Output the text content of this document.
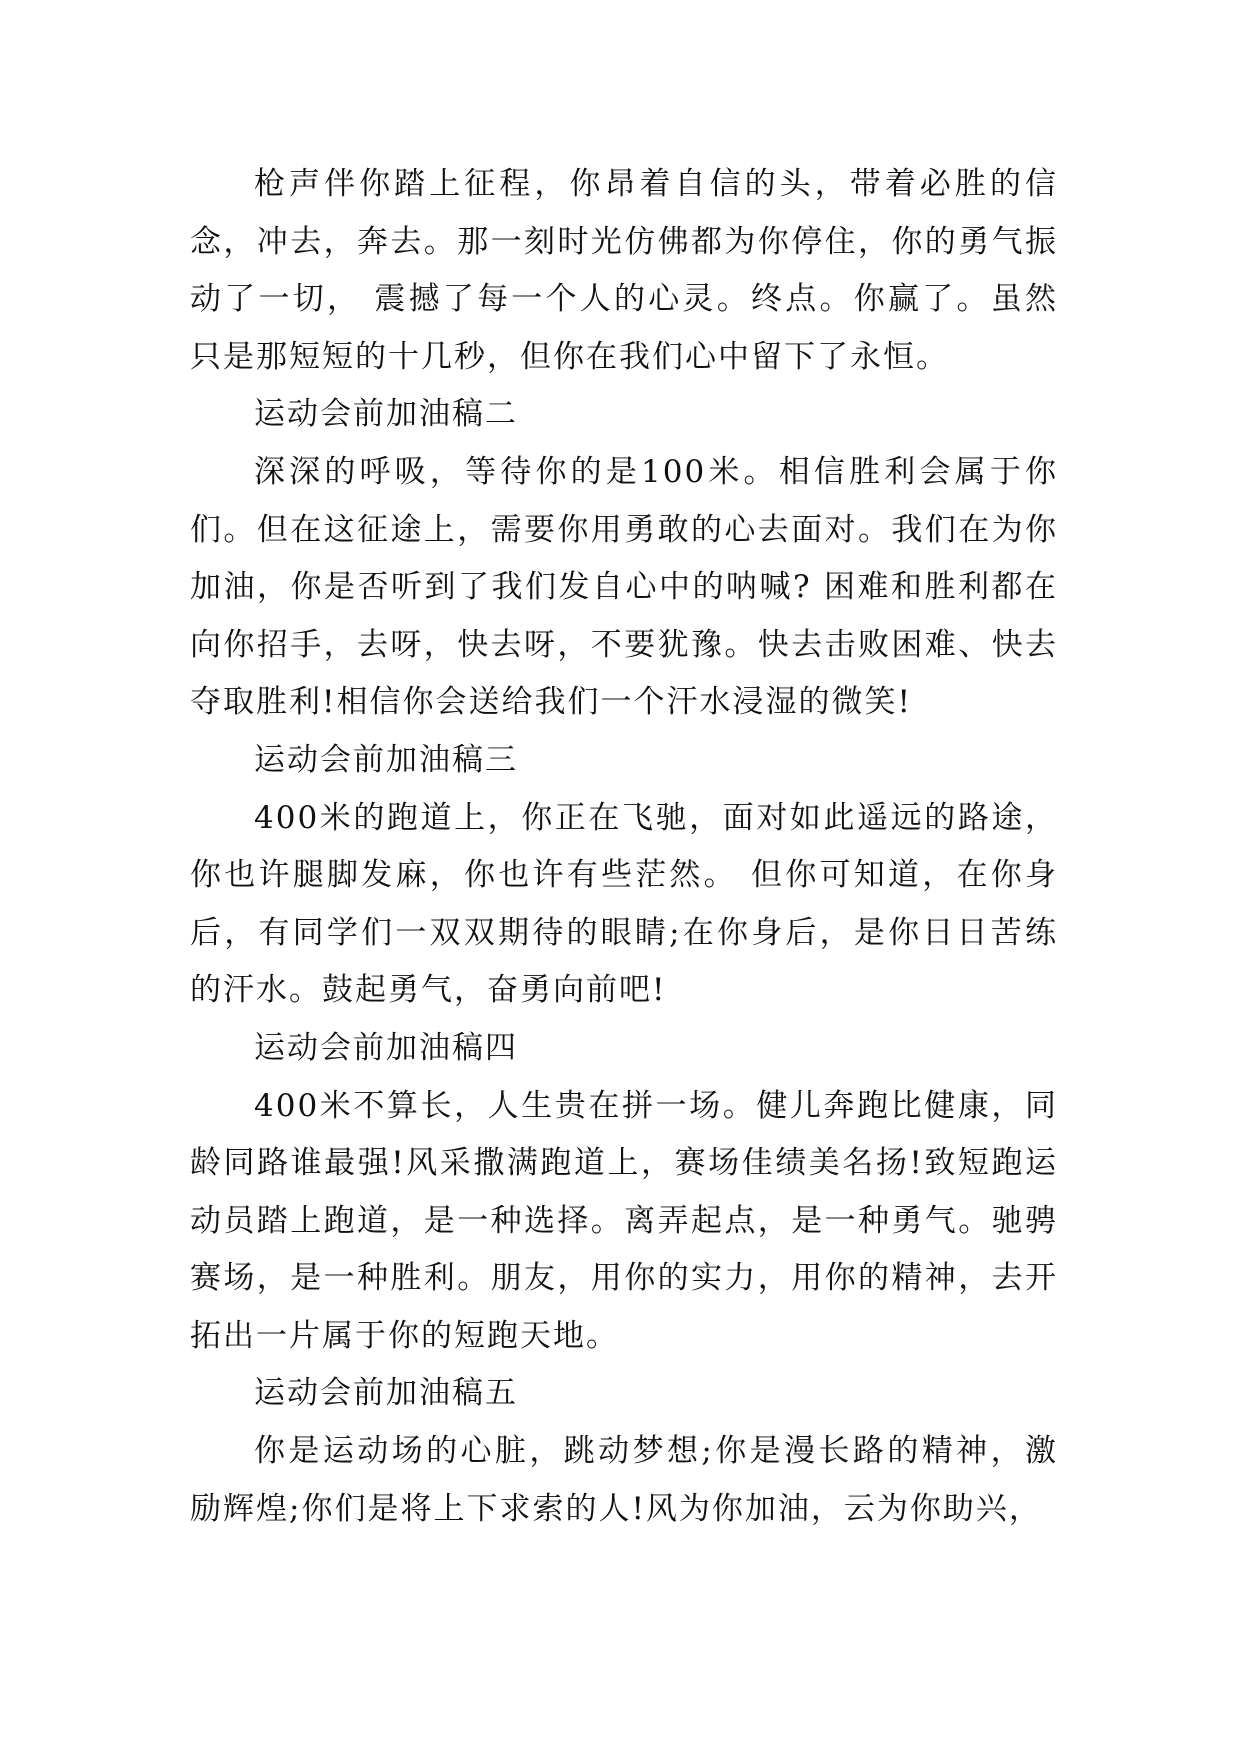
枪声伴你踏上征程，你昂着自信的头，带着必胜的信念，冲去，奔去。那一刻时光仿佛都为你停住，你的勇气振动了一切， 震撼了每一个人的心灵。终点。你赢了。虽然只是那短短的十几秒，但你在我们心中留下了永恒。

运动会前加油稿二

深深的呼吸，等待你的是100米。相信胜利会属于你们。但在这征途上，需要你用勇敢的心去面对。我们在为你加油，你是否听到了我们发自心中的呐喊? 困难和胜利都在向你招手，去呀，快去呀，不要犹豫。快去击败困难、快去夺取胜利!相信你会送给我们一个汗水浸湿的微笑!

运动会前加油稿三

400米的跑道上，你正在飞驰，面对如此遥远的路途，你也许腿脚发麻，你也许有些茫然。 但你可知道，在你身后，有同学们一双双期待的眼睛;在你身后，是你日日苦练的汗水。鼓起勇气，奋勇向前吧!

运动会前加油稿四

400米不算长，人生贵在拼一场。健儿奔跑比健康，同龄同路谁最强!风采撒满跑道上，赛场佳绩美名扬!致短跑运动员踏上跑道，是一种选择。离弄起点，是一种勇气。驰骋赛场，是一种胜利。朋友，用你的实力，用你的精神，去开拓出一片属于你的短跑天地。

运动会前加油稿五

你是运动场的心脏，跳动梦想;你是漫长路的精神，激励辉煌;你们是将上下求索的人!风为你加油，云为你助兴，
